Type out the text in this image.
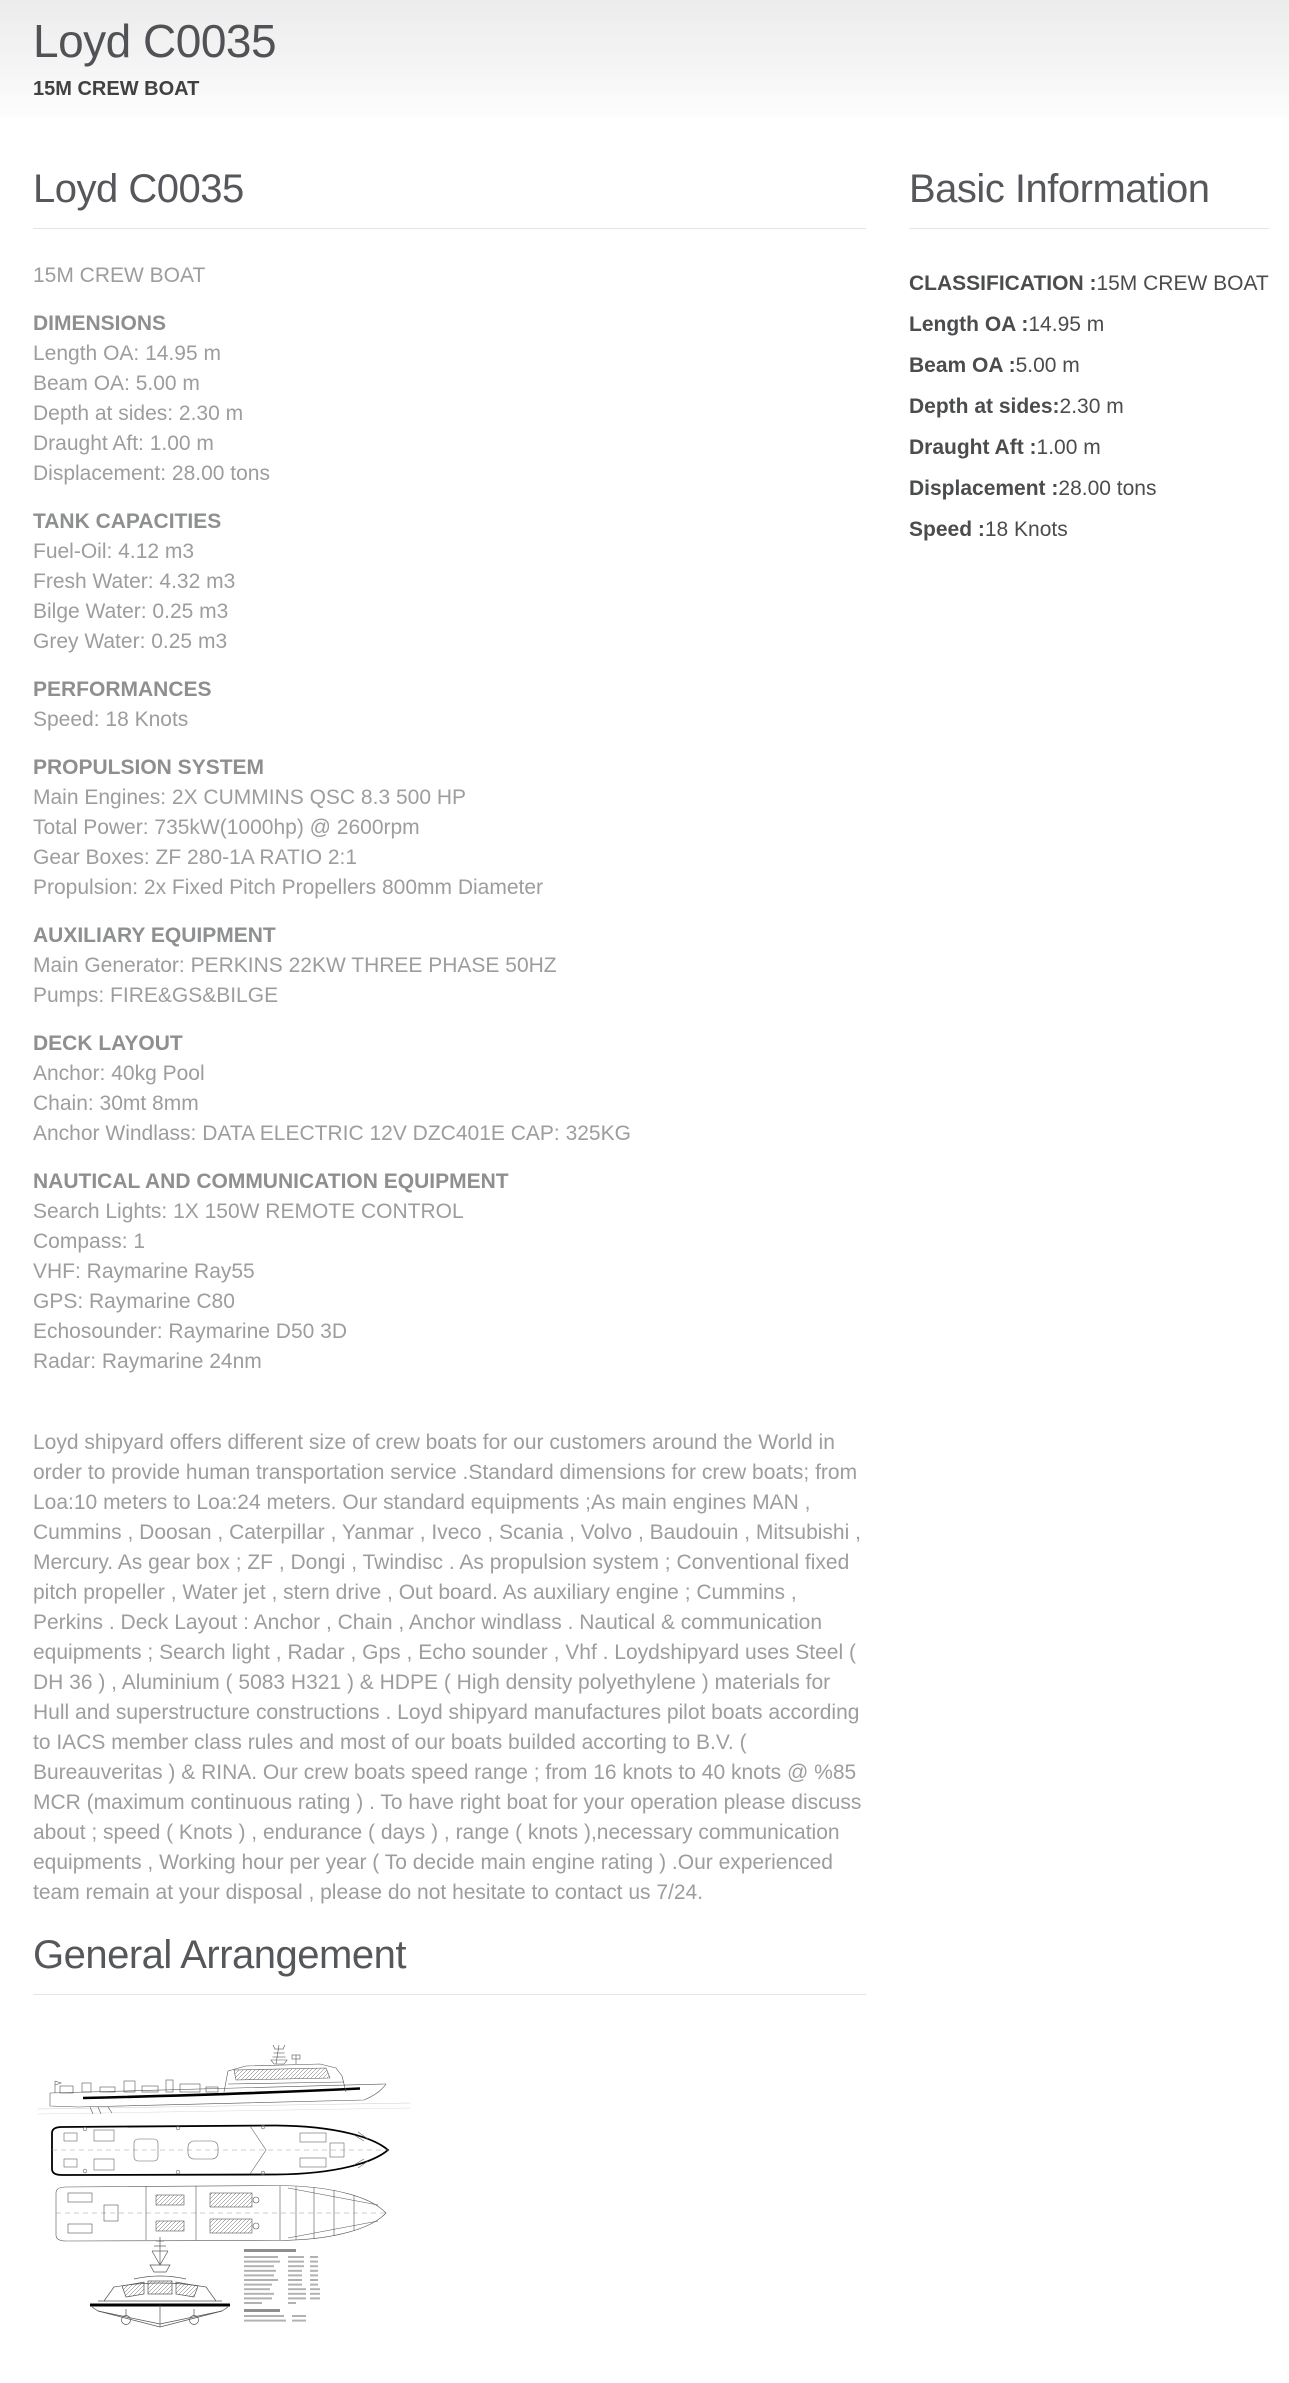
Loyd C0035
15M CREW BOAT
Loyd C0035

15M CREW BOAT

DIMENSIONS
Length OA: 14.95 m
Beam OA: 5.00 m
Depth at sides: 2.30 m
Draught Aft: 1.00 m
Displacement: 28.00 tons
TANK CAPACITIES
Fuel-Oil: 4.12 m3
Fresh Water: 4.32 m3
Bilge Water: 0.25 m3
Grey Water: 0.25 m3
PERFORMANCES
Speed: 18 Knots
PROPULSION SYSTEM
Main Engines: 2X CUMMINS QSC 8.3 500 HP
Total Power: 735kW(1000hp) @ 2600rpm
Gear Boxes: ZF 280-1A RATIO 2:1
Propulsion: 2x Fixed Pitch Propellers 800mm Diameter
AUXILIARY EQUIPMENT
Main Generator: PERKINS 22KW THREE PHASE 50HZ
Pumps: FIRE&GS&BILGE
DECK LAYOUT
Anchor: 40kg Pool
Chain: 30mt 8mm
Anchor Windlass: DATA ELECTRIC 12V DZC401E CAP: 325KG
NAUTICAL AND COMMUNICATION EQUIPMENT
Search Lights: 1X 150W REMOTE CONTROL
Compass: 1
VHF: Raymarine Ray55
GPS: Raymarine C80
Echosounder: Raymarine D50 3D
Radar: Raymarine 24nm

Loyd shipyard offers different size of crew boats for our customers around the World in order to provide human transportation service .Standard dimensions for crew boats; from Loa:10 meters to Loa:24 meters. Our standard equipments ;As main engines MAN , Cummins , Doosan , Caterpillar , Yanmar , Iveco , Scania , Volvo , Baudouin , Mitsubishi , Mercury. As gear box ; ZF , Dongi , Twindisc . As propulsion system ; Conventional fixed pitch propeller , Water jet , stern drive , Out board. As auxiliary engine ; Cummins , Perkins . Deck Layout : Anchor , Chain , Anchor windlass . Nautical & communication equipments ; Search light , Radar , Gps , Echo sounder , Vhf . Loydshipyard uses Steel ( DH 36 ) , Aluminium ( 5083 H321 ) & HDPE ( High density polyethylene ) materials for Hull and superstructure constructions . Loyd shipyard manufactures pilot boats according to IACS member class rules and most of our boats builded accorting to B.V. ( Bureauveritas ) & RINA. Our crew boats speed range ; from 16 knots to 40 knots @ %85 MCR (maximum continuous rating ) . To have right boat for your operation please discuss about ; speed ( Knots ) , endurance ( days ) , range ( knots ),necessary communication equipments , Working hour per year ( To decide main engine rating ) .Our experienced team remain at your disposal , please do not hesitate to contact us 7/24.

General Arrangement
Basic Information
CLASSIFICATION :15M CREW BOAT
Length OA :14.95 m
Beam OA :5.00 m
Depth at sides:2.30 m
Draught Aft :1.00 m
Displacement :28.00 tons
Speed :18 Knots
